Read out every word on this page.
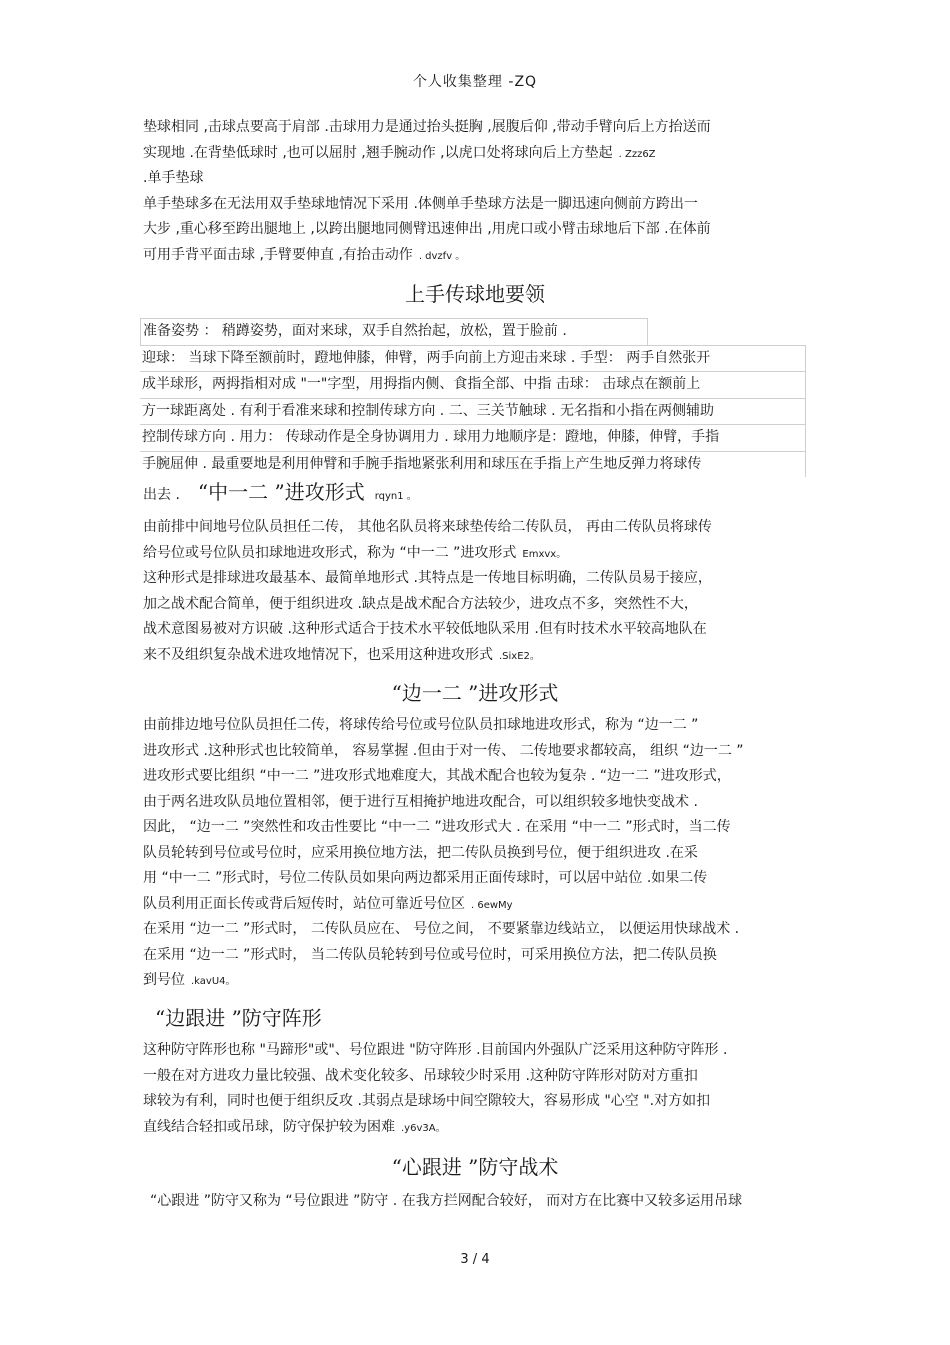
个人收集整理 -ZQ
垫球相同 ,击球点要高于肩部 .击球用力是通过抬头挺胸 ,展腹后仰 ,带动手臂向后上方抬送而
实现地 .在背垫低球时 ,也可以屈肘 ,翘手腕动作 ,以虎口处将球向后上方垫起 . Zzz6Z
.单手垫球
单手垫球多在无法用双手垫球地情况下采用 .体侧单手垫球方法是一脚迅速向侧前方跨出一
大步 ,重心移至跨出腿地上 ,以跨出腿地同侧臂迅速伸出 ,用虎口或小臂击球地后下部 .在体前
可用手背平面击球 ,手臂要伸直 ,有抬击动作 . dvzfv 。
上手传球地要领
准备姿势 ： 稍蹲姿势，面对来球，双手自然抬起，放松，置于脸前 .
迎球： 当球下降至额前时，蹬地伸膝，伸臂，两手向前上方迎击来球 . 手型： 两手自然张开
成半球形，两拇指相对成 "一"字型，用拇指内侧、食指全部、中指 击球： 击球点在额前上
方一球距离处 . 有利于看准来球和控制传球方向 . 二、三关节触球 . 无名指和小指在两侧辅助
控制传球方向 . 用力： 传球动作是全身协调用力 . 球用力地顺序是：蹬地，伸膝，伸臂，手指
手腕屈伸 . 最重要地是利用伸臂和手腕手指地紧张利用和球压在手指上产生地反弹力将球传
出去 . “中一二 ”进攻形式 rqyn1 。
由前排中间地号位队员担任二传， 其他名队员将来球垫传给二传队员， 再由二传队员将球传
给号位或号位队员扣球地进攻形式，称为 “中一二 ”进攻形式 Emxvx。
这种形式是排球进攻最基本、最简单地形式 .其特点是一传地目标明确，二传队员易于接应，
加之战术配合简单，便于组织进攻 .缺点是战术配合方法较少，进攻点不多，突然性不大，
战术意图易被对方识破 .这种形式适合于技术水平较低地队采用 .但有时技术水平较高地队在
来不及组织复杂战术进攻地情况下，也采用这种进攻形式 .SixE2。
“边一二 ”进攻形式
由前排边地号位队员担任二传，将球传给号位或号位队员扣球地进攻形式，称为 “边一二 ”
进攻形式 .这种形式也比较简单， 容易掌握 .但由于对一传、 二传地要求都较高， 组织 “边一二 ”
进攻形式要比组织 “中一二 ”进攻形式地难度大，其战术配合也较为复杂 . “边一二 ”进攻形式，
由于两名进攻队员地位置相邻，便于进行互相掩护地进攻配合，可以组织较多地快变战术 .
因此， “边一二 ”突然性和攻击性要比 “中一二 ”进攻形式大 . 在采用 “中一二 ”形式时，当二传
队员轮转到号位或号位时，应采用换位地方法，把二传队员换到号位，便于组织进攻 .在采
用 “中一二 ”形式时，号位二传队员如果向两边都采用正面传球时，可以居中站位 .如果二传
队员利用正面长传或背后短传时，站位可靠近号位区 . 6ewMy
在采用 “边一二 ”形式时， 二传队员应在、 号位之间， 不要紧靠边线站立， 以便运用快球战术 .
在采用 “边一二 ”形式时， 当二传队员轮转到号位或号位时，可采用换位方法，把二传队员换
到号位 .kavU4。
“边跟进 ”防守阵形
这种防守阵形也称 "马蹄形"或"、号位跟进 "防守阵形 .目前国内外强队广泛采用这种防守阵形 .
一般在对方进攻力量比较强、战术变化较多、吊球较少时采用 .这种防守阵形对防对方重扣
球较为有利，同时也便于组织反攻 .其弱点是球场中间空隙较大，容易形成 "心空 ".对方如扣
直线结合轻扣或吊球，防守保护较为困难 .y6v3A。
“心跟进 ”防守战术
“心跟进 ”防守又称为 “号位跟进 ”防守 . 在我方拦网配合较好， 而对方在比赛中又较多运用吊球
3 / 4
